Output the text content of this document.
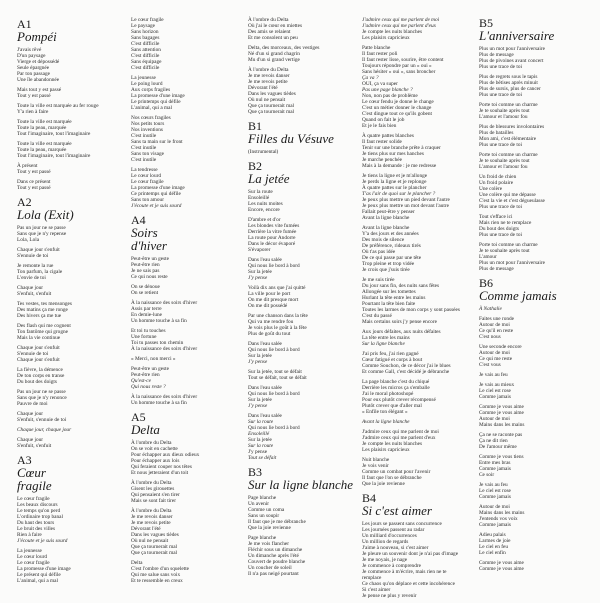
A1
Pompéi
J'avais rêvé
D'un paysage
Vierge et dépossédé
Seule épargnée
Par ton passage
Une île abandonnée
Mais tout y est passé
Tout y est passé
Toute la ville est marquée au fer rouge
Y'a rien à faire
Toute la ville est marquée
Toute la peau, marquée
Tout l'imaginaire, tout l'imaginaire
Toute la ville est marquée
Toute la peau, marquée
Tout l'imaginaire, tout l'imaginaire
À présent
Tout y est passé
Dans ce présent
Tout y est passé
A2
Lola (Exit)
Pas un jour ne se passe
Sans que je n'y repense
Lola, Lola
Chaque jour s'enfuit
S'ennuie de toi
Je remonte la rue
Ton parfum, la cigale
L'envie de toi
Chaque jour
S'enfuit, s'enfuit
Tes vestes, tes mensonges
Des matins ça me ronge
Des hivers ça me tue
Des flash qui me cognent
Ton fantôme qui grogne
Mais la vie continue
Chaque jour s'enfuit
S'ennuie de toi
Chaque jour s'enfuit
La fièvre, la démence
De ton corps en transe
Du bout des doigts
Pas un jour ne se passe
Sans que je n'y renonce
Pauvre de moi
Chaque jour
S'enfuit, s'ennuie de toi
Chaque jour, chaque jour
Chaque jour
S'enfuit, s'enfuit
A3
Cœur fragile
Le cœur fragile
Les beaux discours
Le temps qu'on perd
L'ordinaire trop banal
Du haut des tours
Le bruit des villes
Rien à faire
J'écoute et je suis sourd
La jeunesse
Le cœur lourd
Le cœur fragile
La promesse d'une image
Le présent qui défile
L'animal, qui a mal
Le cœur fragile
Le paysage
Sans horizon
Sans bagages
C'est difficile
Sans attention
C'est difficile
Sans équipage
C'est difficile
La jeunesse
Le poing lourd
Aux corps fragiles
La promesse d'une image
Le printemps qui défile
L'animal, qui a mal
Nos cœurs fragiles
Nos petits tours
Nos inventions
C'est inutile
Sans ta main sur le front
C'est inutile
Sans ton visage
C'est inutile
La tendresse
Le cœur lourd
Le cœur fragile
La promesse d'une image
Ce printemps qui défile
Sans ton amour
J'écoute et je suis sourd
A4
Soirs d'hiver
Peut-être un geste
Peut-être rien
Je ne sais pas
Ce qui nous reste
On se dénoue
On se retient
À la naissance des soirs d'hiver
Assis par terre
En demie-lune
Un homme touche à sa fin
Et toi tu touches
Une fortune
Toi tu passes ton chemin
À la naissance des soirs d'hiver
« Merci, non merci »
Peut-être un geste
Peut-être rien
Qu'est-ce
Qui nous reste ?
À la naissance des soirs d'hiver
Un homme touche à sa fin
A5
Delta
À l'ombre du Delta
On se voit en cachette
Pour échapper aux dieux odieux
Pour échapper aux lois
Qui feraient couper nos têtes
Et nous jetteraient d'un toit
À l'ombre du Delta
Gisent les girouettes
Qui pensaient s'en tirer
Mais se sont fait tirer
À l'ombre du Delta
Je me revois danser
Je me revois petite
Dévorant l'été
Dans les vagues tièdes
Où nul ne pensait
Que ça tournerait mal
Que ça tournerait mal
Delta
C'est l'ombre d'un squelette
Qui me salue sans voix
Et te ressemble en creux
À l'ombre du Delta
Où j'ai le cœur en miettes
Des amis se relaient
Et me consolent un peu
Delta, des morceaux, des vestiges
Né d'un si grand chagrin
Mu d'un si grand vertige
À l'ombre du Delta
Je me revois danser
Je me revois petite
Dévorant l'été
Dans les vagues tièdes
Où nul ne pensait
Que ça tournerait mal
Que ça tournerait mal
B1
Filles du Vésuve
(Instrumental)
B2
La jetée
Sur la route
Ensoleillé
Les nuits moites
Encore, encore
D'ambre et d'or
Les blondes vite fumées
Derrière la vitre fumée
La route pour Andorre
Dans le décor évaporé
S'évaporer
Dans l'eau salée
Qui nous lie bord à bord
Sur la jetée
J'y pense
Voilà dix ans que j'ai quitté
La ville pour le port
On me dit presque mort
On me dit possédé
Par une chanson dans la tête
Qui va me rendre fou
Je vois plus le goût à la fête
Plus de goût du tout
Dans l'eau salée
Qui nous lie bord à bord
Sur la jetée
J'y pense
Sur la jetée, tout se défait
Tout se défait, tout se défait
Dans l'eau salée
Qui nous lie bord à bord
Sur la jetée
J'y pense
Dans l'eau salée
Sur la route
Qui nous lie bord à bord
Ensoleillé
Sur la jetée
Sur la route
J'y pense
Tout se défait
B3
Sur la ligne blanche
Page blanche
Un avenir
Comme un coma
Sans un soupir
Il faut que je me débranche
Que la joie revienne
Page blanche
Je me vois flancher
Fléchir sous un dimanche
Un dimanche après l'été
Couvert de poudre blanche
Un coucher de soleil
Il n'a pas neigé pourtant
J'admire ceux qui me parlent de moi
J'admire ceux qui me parlent d'eux
Je compte les nuits blanches
Les plaisirs capricieux
Patte blanche
Il faut rester poli
Il faut rester lisse, sourire, être content
Toujours répondre par un « oui »
Sans hésiter « oui », sans broncher
Ça va ?
OUI, ça va super
Pas une page blanche ?
Non, non pas de problème
Le cœur fendu je donne le change
C'est un métier donner le change
C'est dingue tout ce qu'ils gobent
Quand on fait le job
Et je le fais bien
À quatre pattes blanches
Il faut rester solide
Tenir sur une branche prête à craquer
Je tiens plus sur mes hanches
Je marche penchée
Mais à la demande : je me redresse
Je tiens la ligne et je m'allonge
Je perds la ligne et je replonge
À quatre pattes sur le plancher
T'as l'air de quoi sur le plancher ?
Je peux plus mettre un pied devant l'autre
Je peux plus mettre un mot devant l'autre
Fallait peut-être y penser
Avant la ligne blanche
Avant la ligne blanche
Y'a des jours et des années
Des mois de silence
De préférence, rideaux tirés
Où t'as pas idée
De ce qui passe par une tête
Trop pleine et trop vidée
Je crois que j'suis tirée
Je me suis tirée
Du jour sans fin, des nuits sans fêtes
Allongée sur les tomettes
Hurlant la tête entre les mains
Pourtant la tête bien faite
Toutes les larmes de mon corps y sont passées
C'est du passé
Mais certains soirs j'y pense encore
Aux jours défaites, aux nuits défaites
La tête entre les mains
Sur la ligne blanche
J'ai pris feu, j'ai rien gagné
Cœur fatigué et corps à bout
Comme Souchon, de ce décor j'ai le blues
Et comme Gall, c'est décidé je débranche
La page blanche c'est du chiqué
Derrière les micros ça s'emballe
J'ai le moral photoshopé
Pour eux plutôt crever récompensé
Plutôt crever que d'aller mal
« Enfile ton élégant »
Avant la ligne blanche
J'admire ceux qui me parlent de moi
J'admire ceux qui me parlent d'eux
Je compte les nuits blanches
Les plaisirs capricieux
Nuit blanche
Je vois venir
Comme un combat pour l'avenir
Il faut que l'on se débranche
Que la joie revienne
B4
Si c'est aimer
Les jours se passent sans concurrence
Les journées passent au radar
Un milliard d'occurrences
Un million de regards
J'aime à nouveau, si c'est aimer
Je pleure un souvenir dont je n'ai pas d'image
Je me noyais, je nage
Je commence à comprendre
Je commence à m'écrire, mais rien ne te
remplace
Ce chaos qu'on déplace et cette incohérence
Si c'est aimer
Je pense ne plus y revenir
B5
L'anniversaire
Plus un mot pour l'anniversaire
Plus de message
Plus de pivoines avant concert
Plus une trace de toi
Plus de regrets sous le tapis
Plus de bêtises après minuit
Plus de sursis, plus de cancer
Plus une trace de toi
Porte toi comme un charme
Je te souhaite après tout
L'amour et l'amour fou
Plus de blessures involontaires
Plus de batailles
Mon ami, c'est élémentaire
Plus une trace de toi
Porte toi comme un charme
Je te souhaite après tout
L'amour et l'amour fou
Un froid de chien
Un froid polaire
Une colère
Une colère qui me dépasse
C'est la vie et c'est dégueulasse
Plus une trace de toi
Tout s'efface ici
Mais rien ne te remplace
Du bout des doigts
Plus une trace de toi
Porte toi comme un charme
Je te souhaite après tout
L'amour
Plus un mot pour l'anniversaire
Plus de message
B6
Comme jamais
À Nathalie
Faites une ronde
Autour de moi
Ce qu'il en reste
C'est nous
Une seconde encore
Autour de moi
Ce qui me reste
C'est vous
Je vais au feu
Je vais au mieux
Le ciel est rose
Comme jamais
Comme je vous aime
Comme je vous aime
Autour de moi
Mains dans les mains
Ça ne se raconte pas
Ça ne dit rien
De l'amour même
Comme je vous tiens
Entre mes bras
Comme jamais
Ce soir
Je vais au feu
Le ciel est rose
Comme jamais
Autour de moi
Mains dans les mains
J'entends vos voix
Comme jamais
Adieu palais
Larmes de joie
Le ciel en feu
Le ciel enfin
Comme je vous aime
Comme je vous aime
